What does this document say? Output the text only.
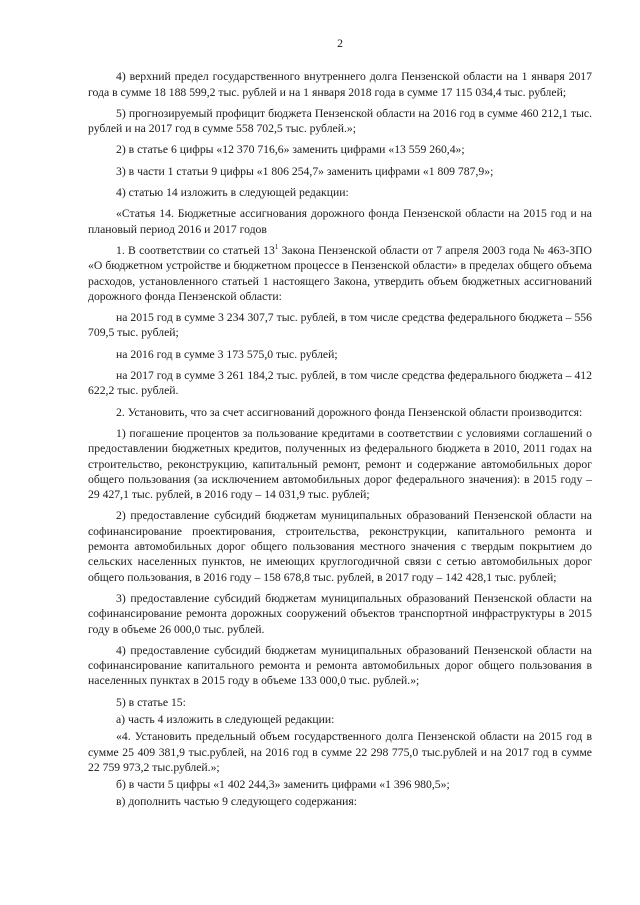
2

4) верхний предел государственного внутреннего долга Пензенской области на 1 января 2017 года в сумме 18 188 599,2 тыс. рублей и на 1 января 2018 года в сумме 17 115 034,4 тыс. рублей;

5) прогнозируемый профицит бюджета Пензенской области на 2016 год в сумме 460 212,1 тыс. рублей и на 2017 год в сумме 558 702,5 тыс. рублей.»;

2) в статье 6 цифры «12 370 716,6» заменить цифрами «13 559 260,4»;

3) в части 1 статьи 9 цифры «1 806 254,7» заменить цифрами «1 809 787,9»;

4) статью 14 изложить в следующей редакции:

«Статья 14. Бюджетные ассигнования дорожного фонда Пензенской области на 2015 год и на плановый период 2016 и 2017 годов

1. В соответствии со статьей $13^1$ Закона Пензенской области от 7 апреля 2003 года № 463-ЗПО «О бюджетном устройстве и бюджетном процессе в Пензенской области» в пределах общего объема расходов, установленного статьей 1 настоящего Закона, утвердить объем бюджетных ассигнований дорожного фонда Пензенской области:

на 2015 год в сумме 3 234 307,7 тыс. рублей, в том числе средства федерального бюджета – 556 709,5 тыс. рублей;

на 2016 год в сумме 3 173 575,0 тыс. рублей;

на 2017 год в сумме 3 261 184,2 тыс. рублей, в том числе средства федерального бюджета – 412 622,2 тыс. рублей.

2. Установить, что за счет ассигнований дорожного фонда Пензенской области производится:

1) погашение процентов за пользование кредитами в соответствии с условиями соглашений о предоставлении бюджетных кредитов, полученных из федерального бюджета в 2010, 2011 годах на строительство, реконструкцию, капитальный ремонт, ремонт и содержание автомобильных дорог общего пользования (за исключением автомобильных дорог федерального значения): в 2015 году – 29 427,1 тыс. рублей, в 2016 году – 14 031,9 тыс. рублей;

2) предоставление субсидий бюджетам муниципальных образований Пензенской области на софинансирование проектирования, строительства, реконструкции, капитального ремонта и ремонта автомобильных дорог общего пользования местного значения с твердым покрытием до сельских населенных пунктов, не имеющих круглогодичной связи с сетью автомобильных дорог общего пользования, в 2016 году – 158 678,8 тыс. рублей, в 2017 году – 142 428,1 тыс. рублей;

3) предоставление субсидий бюджетам муниципальных образований Пензенской области на софинансирование ремонта дорожных сооружений объектов транспортной инфраструктуры в 2015 году в объеме 26 000,0 тыс. рублей.

4) предоставление субсидий бюджетам муниципальных образований Пензенской области на софинансирование капитального ремонта и ремонта автомобильных дорог общего пользования в населенных пунктах в 2015 году в объеме 133 000,0 тыс. рублей.»;

5) в статье 15:

а) часть 4 изложить в следующей редакции:

«4. Установить предельный объем государственного долга Пензенской области на 2015 год в сумме 25 409 381,9 тыс.рублей, на 2016 год в сумме 22 298 775,0 тыс.рублей и на 2017 год в сумме 22 759 973,2 тыс.рублей.»;

б) в части 5 цифры «1 402 244,3» заменить цифрами «1 396 980,5»;

в) дополнить частью 9 следующего содержания:
